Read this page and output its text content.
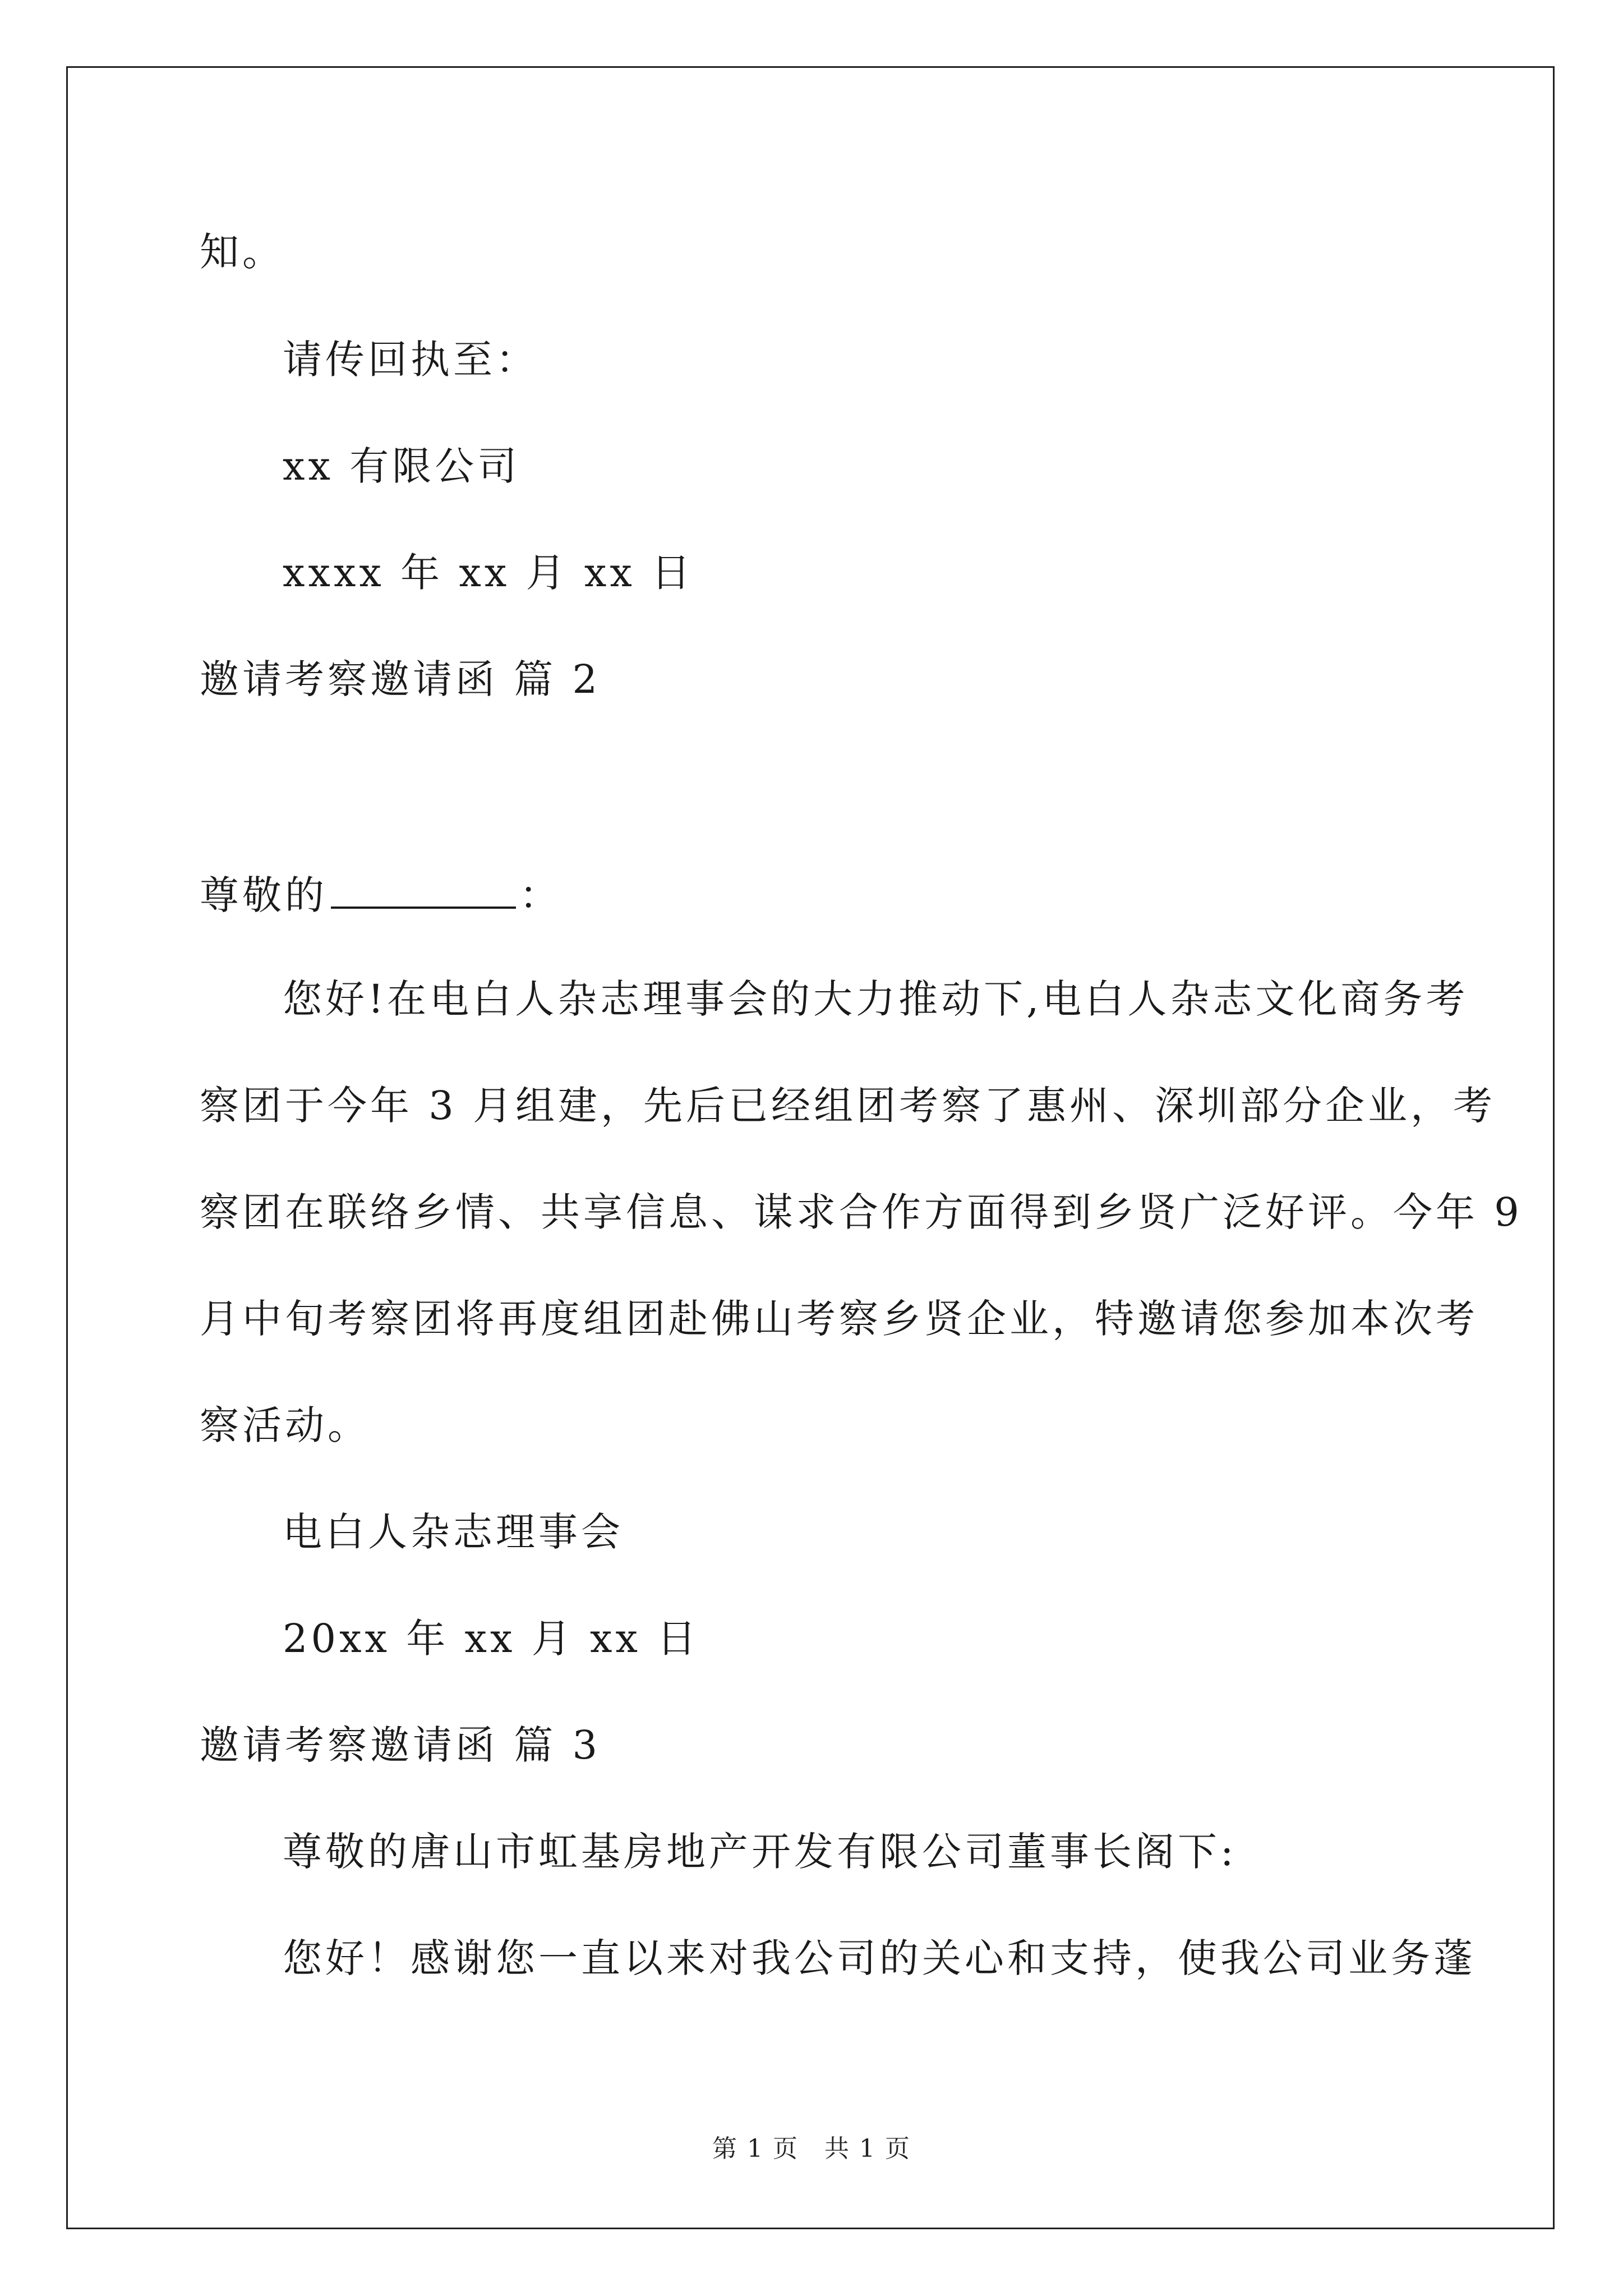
知。
请传回执至：
xx 有限公司
xxxx 年 xx 月 xx 日
邀请考察邀请函 篇 2
尊敬的	：
您好!在电白人杂志理事会的大力推动下,电白人杂志文化商务考
察团于今年 3 月组建，先后已经组团考察了惠州、深圳部分企业，考
察团在联络乡情、共享信息、谋求合作方面得到乡贤广泛好评。今年 9
月中旬考察团将再度组团赴佛山考察乡贤企业，特邀请您参加本次考
察活动。
电白人杂志理事会
20xx 年 xx 月 xx 日
邀请考察邀请函 篇 3
尊敬的唐山市虹基房地产开发有限公司董事长阁下:
您好！感谢您一直以来对我公司的关心和支持，使我公司业务蓬
第 1 页　共 1 页
